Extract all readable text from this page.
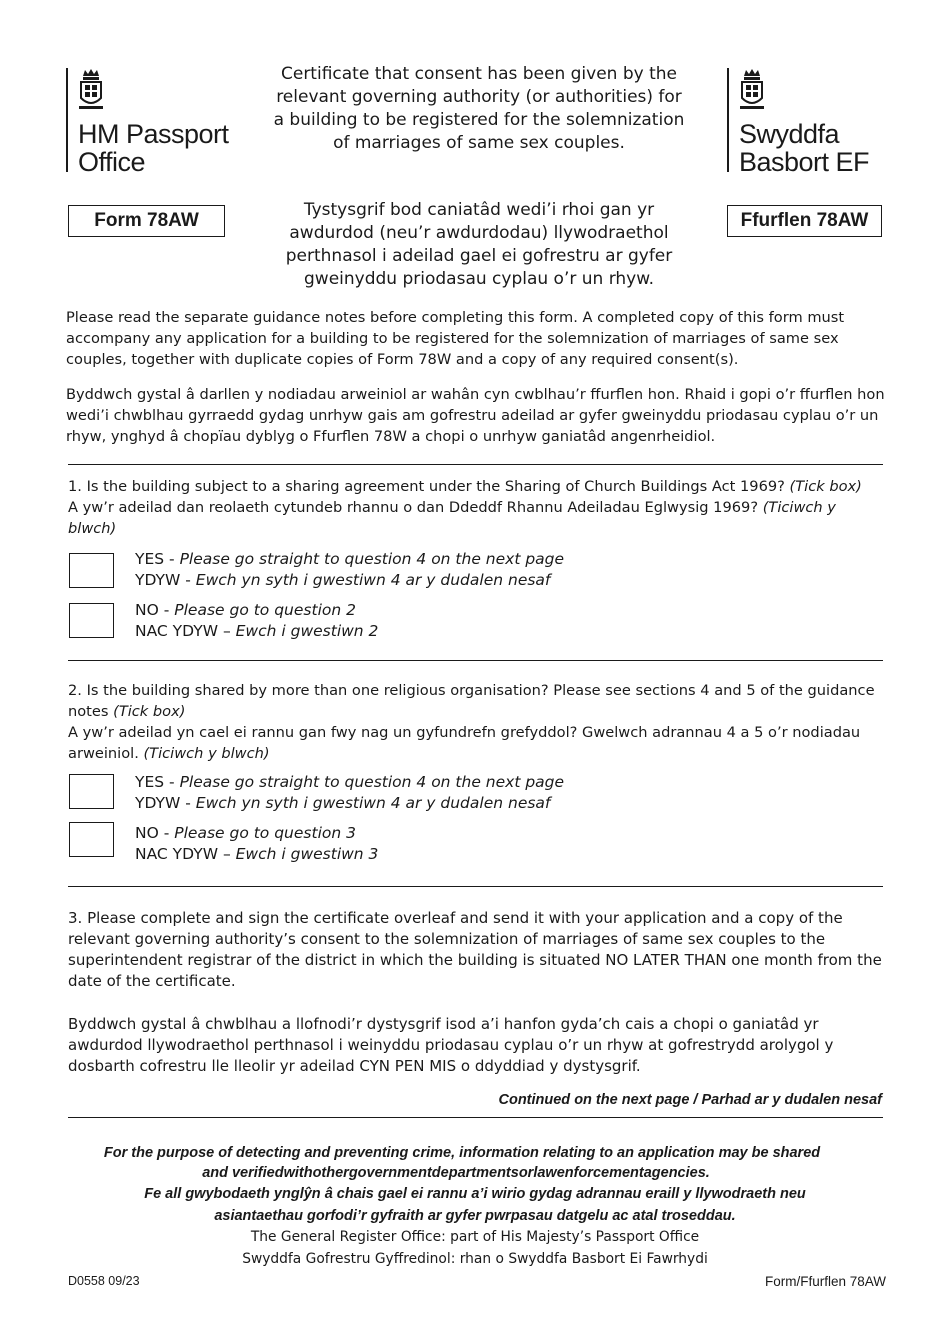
HM Passport
Office
Swyddfa
Basbort EF
Form 78AW	Ffurflen 78AW
Certificate that consent has been given by the relevant governing authority (or authorities) for a building to be registered for the solemnization of marriages of same sex couples.
Tystysgrif bod caniatâd wedi’i rhoi gan yr awdurdod (neu’r awdurdodau) llywodraethol perthnasol i adeilad gael ei gofrestru ar gyfer gweinyddu priodasau cyplau o’r un rhyw.
Please read the separate guidance notes before completing this form. A completed copy of this form must accompany any application for a building to be registered for the solemnization of marriages of same sex couples, together with duplicate copies of Form 78W and a copy of any required consent(s).
Byddwch gystal â darllen y nodiadau arweiniol ar wahân cyn cwblhau’r ffurflen hon. Rhaid i gopi o’r ffurflen hon wedi’i chwblhau gyrraedd gydag unrhyw gais am gofrestru adeilad ar gyfer gweinyddu priodasau cyplau o’r un rhyw, ynghyd â chopïau dyblyg o Ffurflen 78W a chopi o unrhyw ganiatâd angenrheidiol.
1. Is the building subject to a sharing agreement under the Sharing of Church Buildings Act 1969? (Tick box)
A yw’r adeilad dan reolaeth cytundeb rhannu o dan Ddeddf Rhannu Adeiladau Eglwysig 1969? (Ticiwch y blwch)
YES - Please go straight to question 4 on the next page
YDYW - Ewch yn syth i gwestiwn 4 ar y dudalen nesaf
NO - Please go to question 2
NAC YDYW – Ewch i gwestiwn 2
2. Is the building shared by more than one religious organisation? Please see sections 4 and 5 of the guidance notes (Tick box)
A yw’r adeilad yn cael ei rannu gan fwy nag un gyfundrefn grefyddol? Gwelwch adrannau 4 a 5 o’r nodiadau arweiniol. (Ticiwch y blwch)
YES - Please go straight to question 4 on the next page
YDYW - Ewch yn syth i gwestiwn 4 ar y dudalen nesaf
NO - Please go to question 3
NAC YDYW – Ewch i gwestiwn 3
3. Please complete and sign the certificate overleaf and send it with your application and a copy of the relevant governing authority’s consent to the solemnization of marriages of same sex couples to the superintendent registrar of the district in which the building is situated NO LATER THAN one month from the date of the certificate.
Byddwch gystal â chwblhau a llofnodi’r dystysgrif isod a’i hanfon gyda’ch cais a chopi o ganiatâd yr awdurdod llywodraethol perthnasol i weinyddu priodasau cyplau o’r un rhyw at gofrestrydd arolygol y dosbarth cofrestru lle lleolir yr adeilad CYN PEN MIS o ddyddiad y dystysgrif.
Continued on the next page / Parhad ar y dudalen nesaf
For the purpose of detecting and preventing crime, information relating to an application may be shared
and verifiedwithothergovernmentdepartmentsorlawenforcementagencies.
Fe all gwybodaeth ynglŷn â chais gael ei rannu a’i wirio gydag adrannau eraill y llywodraeth neu
asiantaethau gorfodi’r gyfraith ar gyfer pwrpasau datgelu ac atal troseddau.
The General Register Office: part of His Majesty’s Passport Office
Swyddfa Gofrestru Gyffredinol: rhan o Swyddfa Basbort Ei Fawrhydi
D0558 09/23	Form/Ffurflen 78AW
